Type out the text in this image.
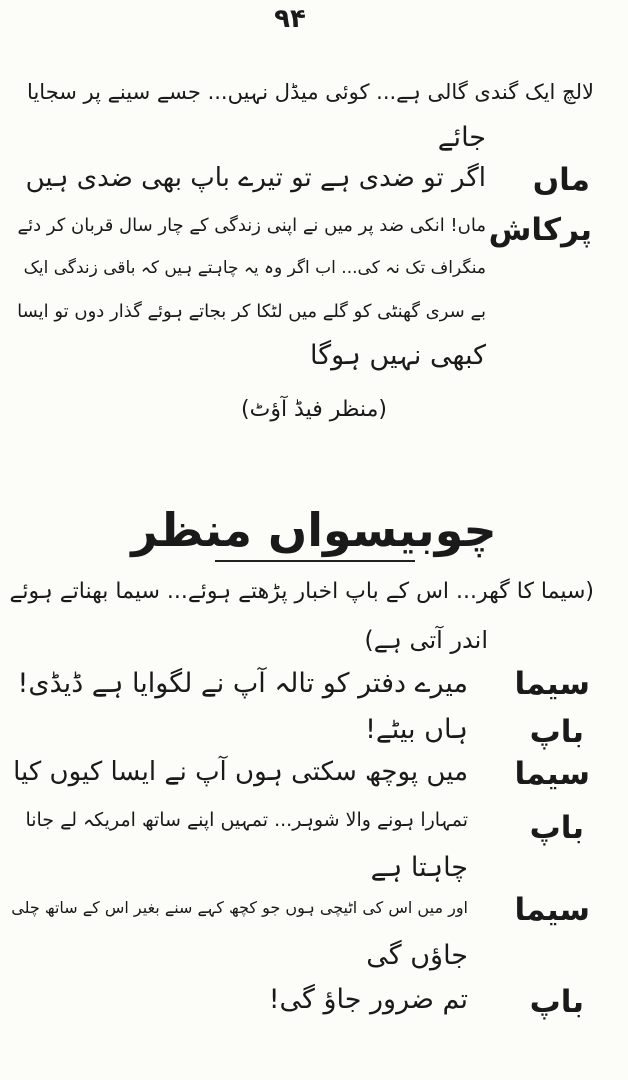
۹۴
لالچ ایک گندی گالی ہے... کوئی میڈل نہیں... جسے سینے پر سجایا
جائے
ماں
اگر تو ضدی ہے تو تیرے باپ بھی ضدی ہیں
پرکاش
ماں! انکی ضد پر میں نے اپنی زندگی کے چار سال قربان کر دئے
منگراف تک نہ کی... اب اگر وہ یہ چاہتے ہیں کہ باقی زندگی ایک
بے سری گھنٹی کو گلے میں لٹکا کر بجاتے ہوئے گذار دوں تو ایسا
کبھی نہیں ہوگا
(منظر فیڈ آؤٹ)
چوبیسواں منظر
(سیما کا گھر... اس کے باپ اخبار پڑھتے ہوئے... سیما بھناتے ہوئے
اندر آتی ہے)
سیما
میرے دفتر کو تالہ آپ نے لگوایا ہے ڈیڈی!
باپ
ہاں بیٹے!
سیما
میں پوچھ سکتی ہوں آپ نے ایسا کیوں کیا
باپ
تمہارا ہونے والا شوہر... تمہیں اپنے ساتھ امریکہ لے جانا
چاہتا ہے
سیما
اور میں اس کی اٹیچی ہوں جو کچھ کہے سنے بغیر اس کے ساتھ چلی
جاؤں گی
باپ
تم ضرور جاؤ گی!
